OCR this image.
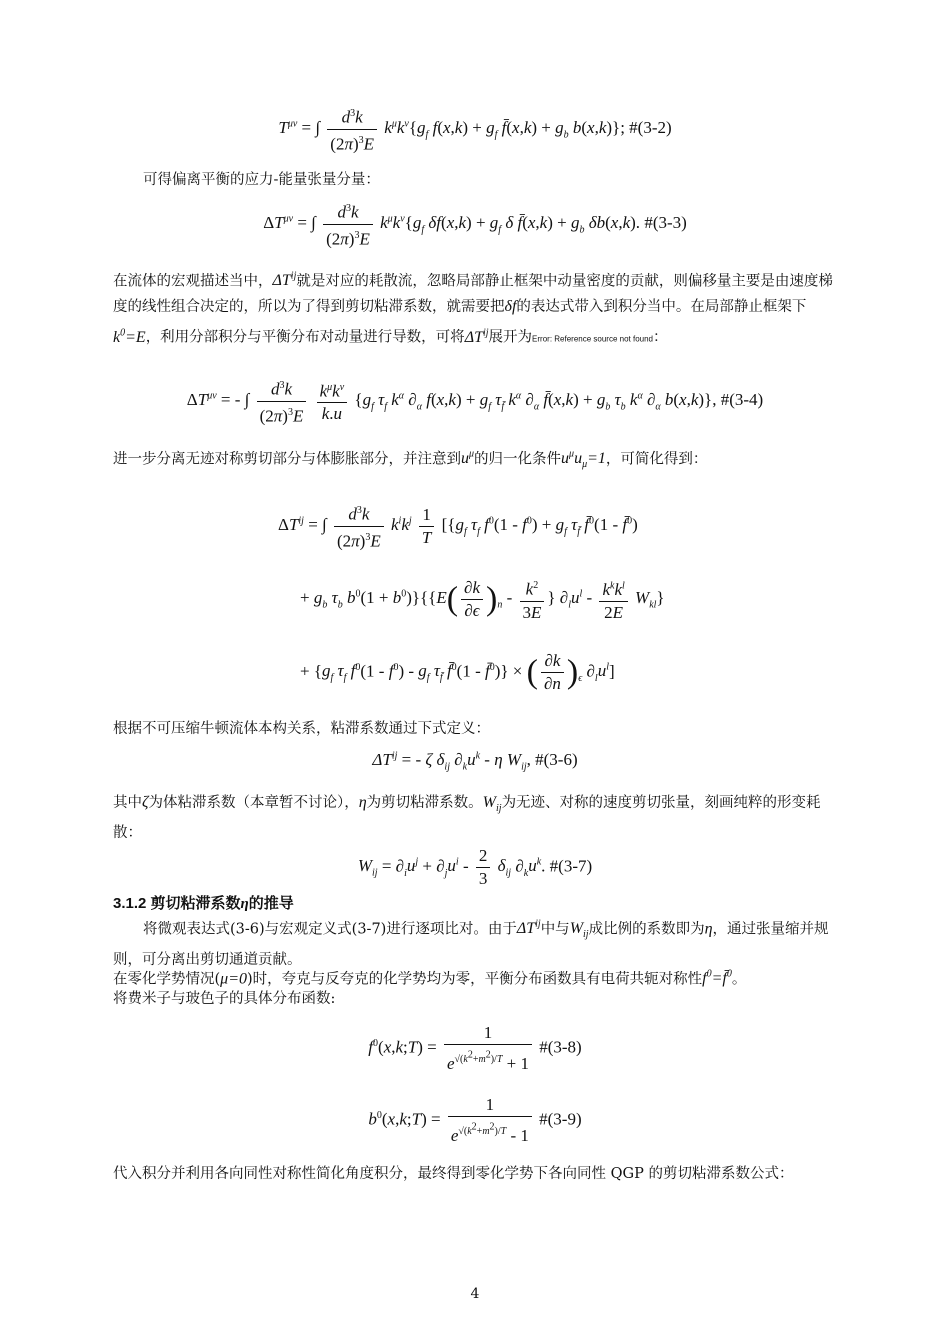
$T^{\mu\nu}$ = ∫ $\frac{d^3k}{(2\pi)^3E} k^\mu k^\nu\{g_f$ $f(x,k) + g_f$ f̄(x,k) + $g_b$ b(x,k)}; #(3-2)

可得偏离平衡的应力-能量张量分量：

$\Delta T^{\mu\nu}$ = ∫ $\frac{d^3k}{(2\pi)^3E} k^\mu k^\nu\{g_f$ $\delta f(x,k) + g_f$ δ f̄(x,k) + $g_b$ δb(x,k). #(3-3)

在流体的宏观描述当中，$\Delta T^{ij}$就是对应的耗散流，忽略局部静止框架中动量密度的贡献，则偏移量主要是由速度梯度的线性组合决定的，所以为了得到剪切粘滞系数，就需要把δf的表达式带入到积分当中。在局部静止框架下$k^0=E$，利用分部积分与平衡分布对动量进行导数，可将$\Delta T^{ij}$展开为Error: Reference source not found：

$\Delta T^{\mu\nu}$ = - ∫ $\frac{d^3k}{(2\pi)^3E}$
$\frac{k^\mu k^\nu}{k.u} \{g_f$ $\tau_f$ $k^\alpha$ $\partial_\alpha$ $f(x,k) + g_f$ $\tau_{f̄}$ $k^\alpha$ $\partial_\alpha$ f̄(x,k) + $g_b$ $\tau_b$ $k^\alpha$ $\partial_\alpha$ b(x,k)}, #(3-4)

进一步分离无迹对称剪切部分与体膨胀部分，并注意到$u^\mu$的归一化条件$u^\mu u_\mu=1$，可简化得到：

$\Delta T^{ij}$ = ∫ $\frac{d^3k}{(2\pi)^3E} k^ik^j \frac{1}{T} [\{g_f$ $\tau_f$ $f^0(1 - f^0) + g_f$ $\tau_{f̄}$ f̄$^0$(1 - f̄$^0$)
+ $g_b$ $\tau_b$ $b^0(1 + b^0)\}\{\{E( \frac{\partial k}{\partial\epsilon} )_n - \frac{k^2}{3E}$ } $\partial_lu^l - \frac{k^kk^l}{2E} W_{kl}$}
+ {$g_f$ $\tau_f$ $f^0(1 - f^0) - g_f$ $\tau_{f̄}$ f̄$^0$(1 - f̄$^0$)} × ( $\frac{\partial k}{\partial n} )_\epsilon$ $\partial_lu^l$]

根据不可压缩牛顿流体本构关系，粘滞系数通过下式定义：

$\Delta T^{ij}$ = - ζ $\delta_{ij}$ $\partial_ku^k$ - η $W_{ij}$, #(3-6)

其中ζ为体粘滞系数（本章暂不讨论），η为剪切粘滞系数。$W_{ij}$为无迹、对称的速度剪切张量，刻画纯粹的形变耗散：

$W_{ij} = \partial_iu^j + \partial_ju^i - \frac{2}{3} \delta_{ij}$ $\partial_ku^k$. #(3-7)
3.1.2 剪切粘滞系数η的推导

将微观表达式(3-6)与宏观定义式(3-7)进行逐项比对。由于$\Delta T^{ij}$中与$W_{ij}$成比例的系数即为η，通过张量缩并规则，可分离出剪切通道贡献。

在零化学势情况(μ=0)时，夸克与反夸克的化学势均为零，平衡分布函数具有电荷共轭对称性$f^0=f̄^0$。

将费米子与玻色子的具体分布函数:

$f^0(x,k;T) = \frac{1}{e^{√(k^2+m^2)/T} + 1}$ #(3-8)
$b^0(x,k;T) = \frac{1}{e^{√(k^2+m^2)/T} - 1}$ #(3-9)

代入积分并利用各向同性对称性简化角度积分，最终得到零化学势下各向同性 QGP 的剪切粘滞系数公式：

4
